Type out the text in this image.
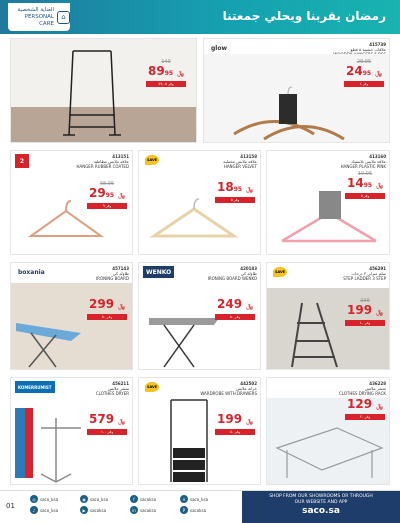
العناية الشخصية
PERSONAL CARE
⌂	رمضان يقربنا ويحلي جمعتنا

149
﷼ 8995
وفر ٥٩٫٠٥
glow	415739
علاقات خشبية ٥ قطع

28.95
﷼ 2495
وفر ٤
2
413151
علاقة ملابس مطاطية
HANGER RUBBER COATED
38.95
﷼ 2995
وفر ٩
SAVE
413158
علاقة ملابس مخملية
HANGER VELVET
﷼ 1895
وفر ٥
413160
علاقة ملابس بلاستيك
HANGER PLASTIC PINK
19.95
﷼ 1495
وفر ٥
boxania	457143
طاولة كي
IRONING BOARD
﷼ 299
وفر ٥٠
WENKO	420183
طاولة كي
IRONING BOARD WENKO
﷼ 249
وفر ٥٠
SAVE
456291
سلم منزلي ٣ درجات
STEP LADDER 3 STEP
239
﷼ 199
وفر ٤٠
KOMERRUMIST
456211
منشر ملابس
CLOTHES DRYER
﷼ 579
وفر ١٠٠
SAVE
442502
خزانة ملابس
WARDROBE WITH DRAWERS
﷼ 199
وفر ٥٠
436228
منشر ملابس
CLOTHES DRYING RACK
﷼ 129
وفر ٣٠
01
◎	saco_ksa	◉	saco_ksa	f	sacoksa	✕	saco_ksa
♪	saco_ksa	▶	sacoksa	in	sacoksa	P	sacoksa
SHOP FROM OUR SHOWROOMS OR THROUGH
OUR WEBSITE AND APP
saco.sa
